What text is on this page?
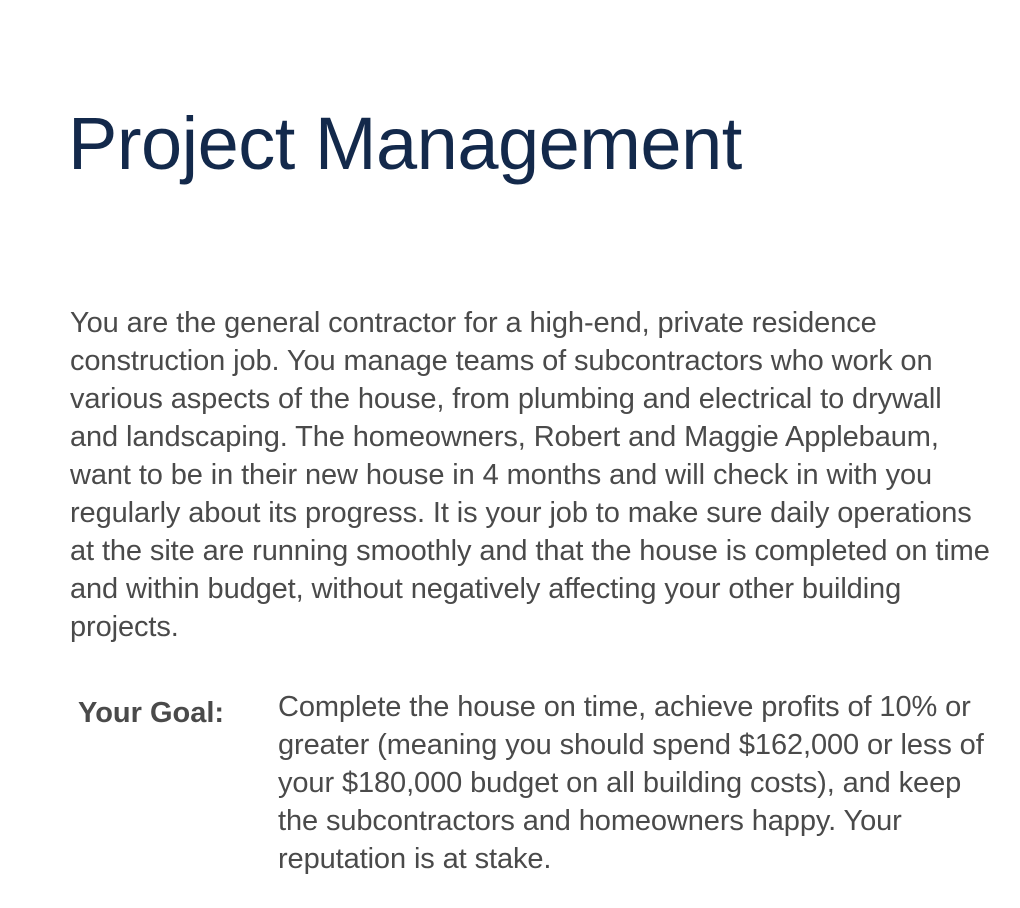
Project Management

You are the general contractor for a high-end, private residence construction job. You manage teams of subcontractors who work on various aspects of the house, from plumbing and electrical to drywall and landscaping. The homeowners, Robert and Maggie Applebaum, want to be in their new house in 4 months and will check in with you regularly about its progress. It is your job to make sure daily operations at the site are running smoothly and that the house is completed on time and within budget, without negatively affecting your other building projects.

Your Goal:	Complete the house on time, achieve profits of 10% or greater (meaning you should spend $162,000 or less of your $180,000 budget on all building costs), and keep the subcontractors and homeowners happy. Your reputation is at stake.
